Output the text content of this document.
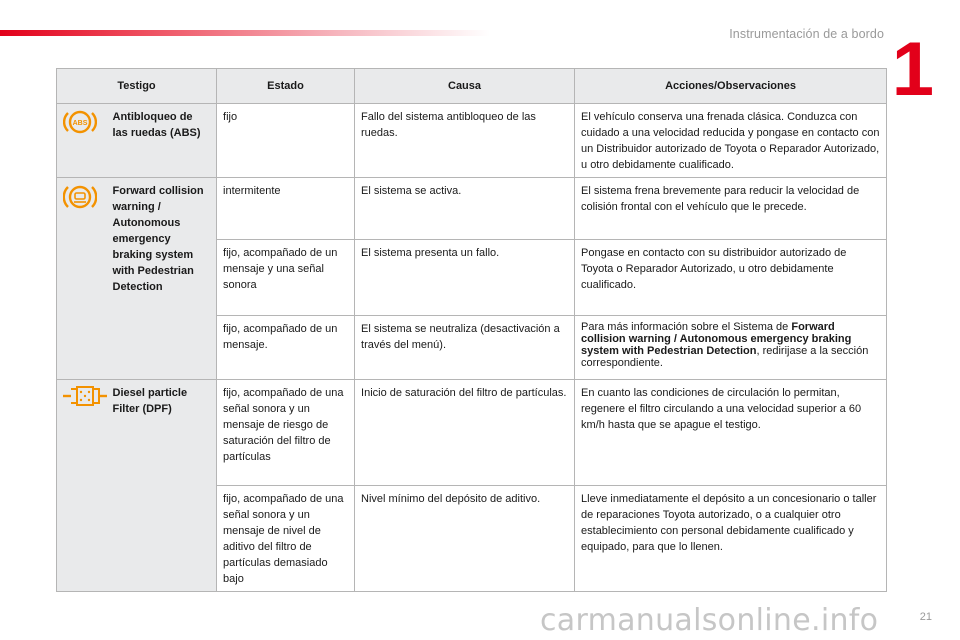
Instrumentación de a bordo 1
Testigo		Estado	Causa	Acciones/Observaciones

ABS	Antibloqueo de las ruedas (ABS)	fijo	Fallo del sistema antibloqueo de las ruedas.	El vehículo conserva una frenada clásica. Conduzca con cuidado a una velocidad reducida y pongase en contacto con un Distribuidor autorizado de Toyota o Reparador Autorizado, u otro debidamente cualificado.

	Forward collision warning / Autonomous emergency braking system with Pedestrian Detection	intermitente	El sistema se activa.	El sistema frena brevemente para reducir la velocidad de colisión frontal con el vehículo que le precede.
		fijo, acompañado de un mensaje y una señal sonora	El sistema presenta un fallo.	Pongase en contacto con su distribuidor autorizado de Toyota o Reparador Autorizado, u otro debidamente cualificado.
		fijo, acompañado de un mensaje.	El sistema se neutraliza (desactivación a través del menú).	Para más información sobre el Sistema de Forward collision warning / Autonomous emergency braking system with Pedestrian Detection, redirijase a la sección correspondiente.

	Diesel particle Filter (DPF)	fijo, acompañado de una señal sonora y un mensaje de riesgo de saturación del filtro de partículas	Inicio de saturación del filtro de partículas.	En cuanto las condiciones de circulación lo permitan, regenere el filtro circulando a una velocidad superior a 60 km/h hasta que se apague el testigo.
		fijo, acompañado de una señal sonora y un mensaje de nivel de aditivo del filtro de partículas demasiado bajo	Nivel mínimo del depósito de aditivo.	Lleve inmediatamente el depósito a un concesionario o taller de reparaciones Toyota autorizado, o a cualquier otro establecimiento con personal debidamente cualificado y equipado, para que lo llenen.
carmanualsonline.info	21
